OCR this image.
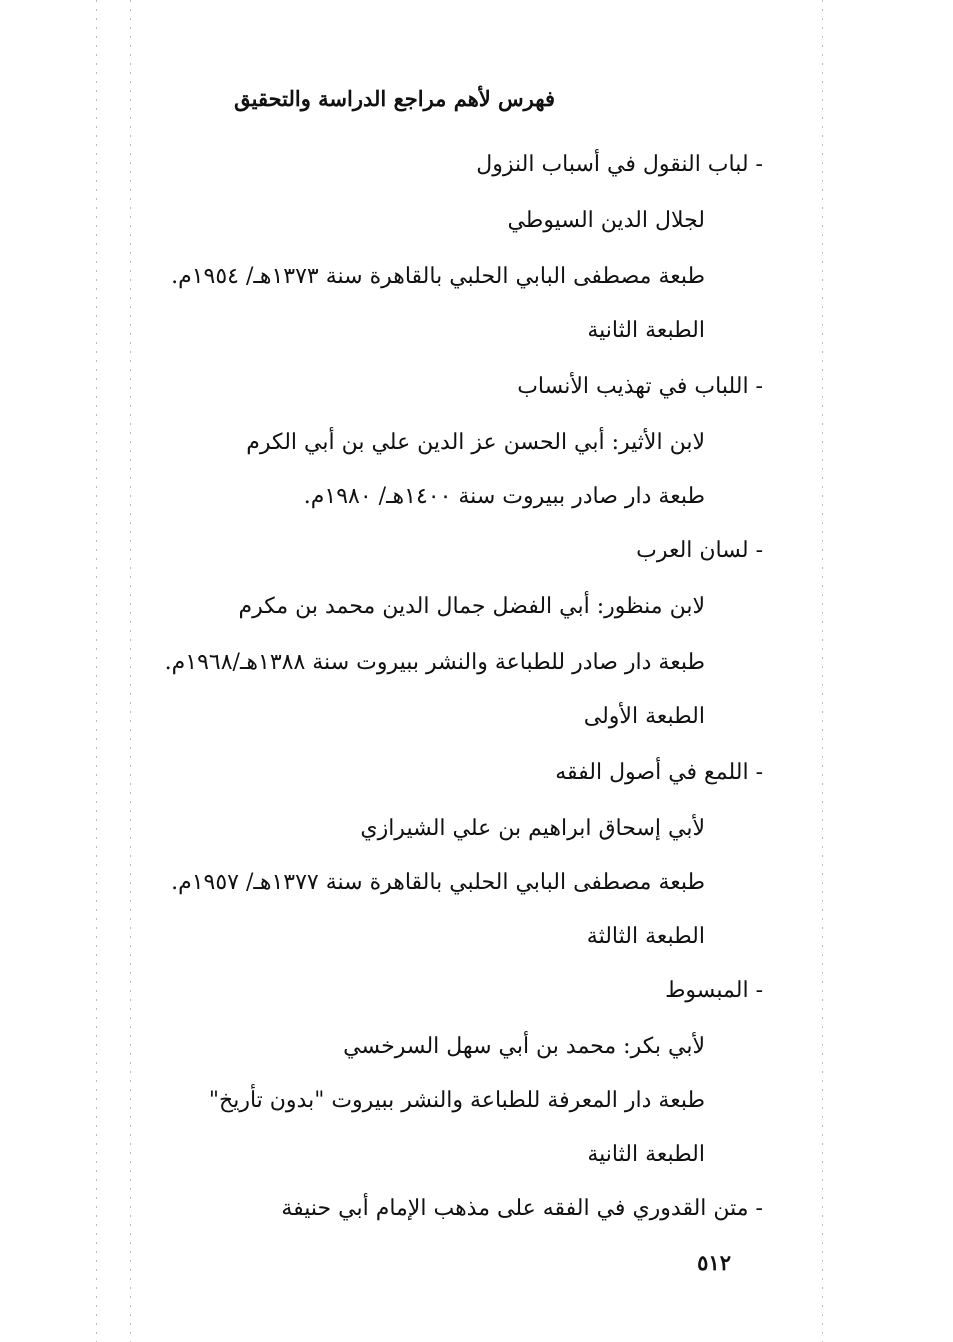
فهرس لأهم مراجع الدراسة والتحقيق
- لباب النقول في أسباب النزول
لجلال الدين السيوطي
طبعة مصطفى البابي الحلبي بالقاهرة سنة ١٣٧٣هـ/ ١٩٥٤م.
الطبعة الثانية
- اللباب في تهذيب الأنساب
لابن الأثير: أبي الحسن عز الدين علي بن أبي الكرم
طبعة دار صادر ببيروت سنة ١٤٠٠هـ/ ١٩٨٠م.
- لسان العرب
لابن منظور: أبي الفضل جمال الدين محمد بن مكرم
طبعة دار صادر للطباعة والنشر ببيروت سنة ١٣٨٨هـ/١٩٦٨م.
الطبعة الأولى
- اللمع في أصول الفقه
لأبي إسحاق ابراهيم بن علي الشيرازي
طبعة مصطفى البابي الحلبي بالقاهرة سنة ١٣٧٧هـ/ ١٩٥٧م.
الطبعة الثالثة
- المبسوط
لأبي بكر: محمد بن أبي سهل السرخسي
طبعة دار المعرفة للطباعة والنشر ببيروت "بدون تأريخ"
الطبعة الثانية
- متن القدوري في الفقه على مذهب الإمام أبي حنيفة
٥١٢
